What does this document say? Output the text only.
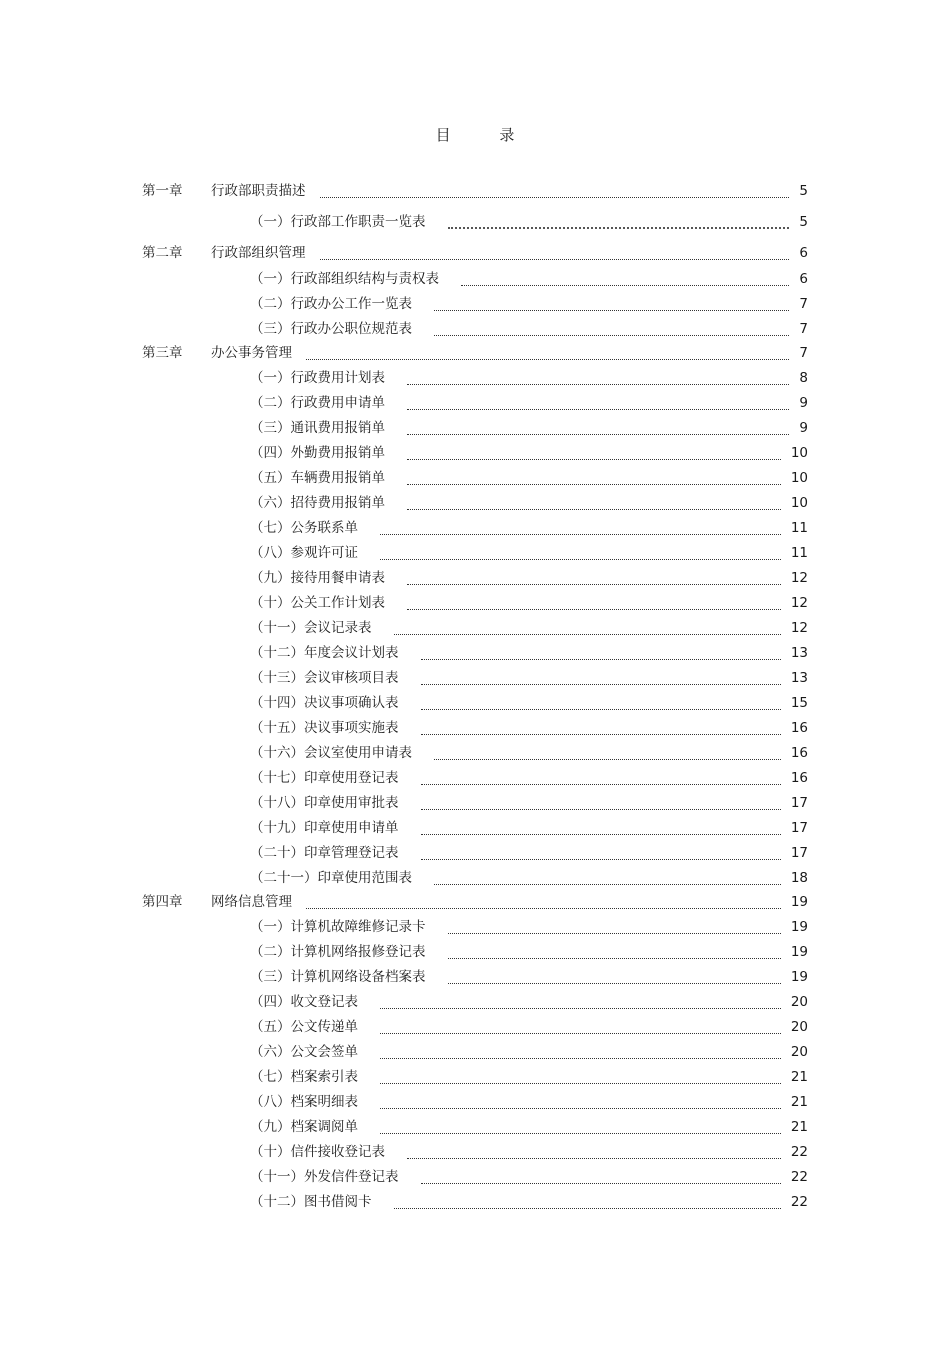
目 录
第一章 行政部职责描述	5
（一）行政部工作职责一览表	5
第二章 行政部组织管理	6
（一）行政部组织结构与责权表	6
（二）行政办公工作一览表	7
（三）行政办公职位规范表	7
第三章 办公事务管理	7
（一）行政费用计划表	8
（二）行政费用申请单	9
（三）通讯费用报销单	9
（四）外勤费用报销单	10
（五）车辆费用报销单	10
（六）招待费用报销单	10
（七）公务联系单	11
（八）参观许可证	11
（九）接待用餐申请表	12
（十）公关工作计划表	12
（十一）会议记录表	12
（十二）年度会议计划表	13
（十三）会议审核项目表	13
（十四）决议事项确认表	15
（十五）决议事项实施表	16
（十六）会议室使用申请表	16
（十七）印章使用登记表	16
（十八）印章使用审批表	17
（十九）印章使用申请单	17
（二十）印章管理登记表	17
（二十一）印章使用范围表	18
第四章 网络信息管理	19
（一）计算机故障维修记录卡	19
（二）计算机网络报修登记表	19
（三）计算机网络设备档案表	19
（四）收文登记表	20
（五）公文传递单	20
（六）公文会签单	20
（七）档案索引表	21
（八）档案明细表	21
（九）档案调阅单	21
（十）信件接收登记表	22
（十一）外发信件登记表	22
（十二）图书借阅卡	22
